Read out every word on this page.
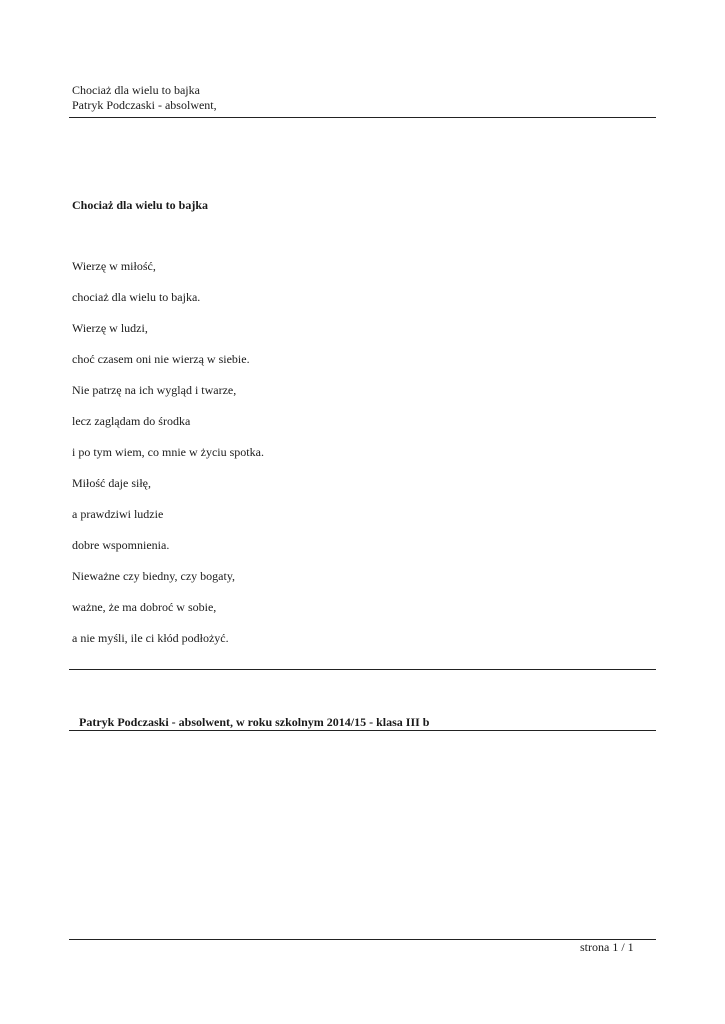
Chociaż dla wielu to bajka
Patryk Podczaski - absolwent,
Chociaż dla wielu to bajka
Wierzę w miłość,
chociaż dla wielu to bajka.
Wierzę w ludzi,
choć czasem oni nie wierzą w siebie.
Nie patrzę na ich wygląd i twarze,
lecz zaglądam do środka
i po tym wiem, co mnie w życiu spotka.
Miłość daje siłę,
a prawdziwi ludzie
dobre wspomnienia.
Nieważne czy biedny, czy bogaty,
ważne, że ma dobroć w sobie,
a nie myśli, ile ci kłód podłożyć.
Patryk Podczaski - absolwent, w roku szkolnym 2014/15 - klasa III b
strona 1 / 1
